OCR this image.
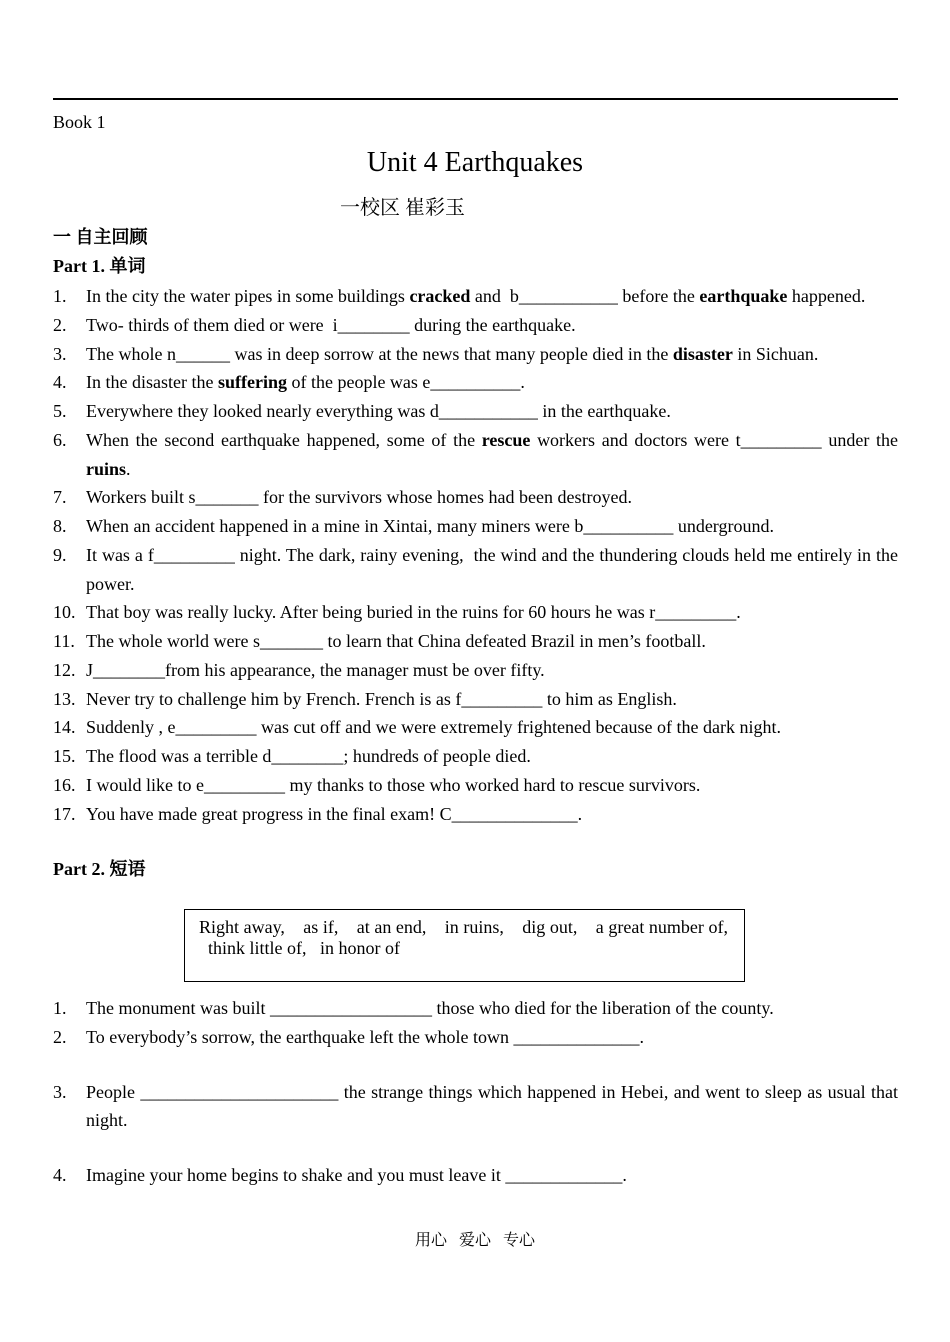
Book 1
Unit 4 Earthquakes
一校区 崔彩玉
一 自主回顾
Part 1. 单词
1. In the city the water pipes in some buildings cracked and  b___________ before the earthquake happened.
2. Two- thirds of them died or were  i________ during the earthquake.
3. The whole n______ was in deep sorrow at the news that many people died in the disaster in Sichuan.
4. In the disaster the suffering of the people was e__________.
5. Everywhere they looked nearly everything was d___________ in the earthquake.
6. When the second earthquake happened, some of the rescue workers and doctors were t_________ under the ruins.
7. Workers built s_______ for the survivors whose homes had been destroyed.
8. When an accident happened in a mine in Xintai, many miners were b__________ underground.
9. It was a f_________ night. The dark, rainy evening,  the wind and the thundering clouds held me entirely in the power.
10. That boy was really lucky. After being buried in the ruins for 60 hours he was r_________.
11. The whole world were s_______ to learn that China defeated Brazil in men’s football.
12. J________from his appearance, the manager must be over fifty.
13. Never try to challenge him by French. French is as f_________ to him as English.
14. Suddenly , e_________ was cut off and we were extremely frightened because of the dark night.
15. The flood was a terrible d________; hundreds of people died.
16. I would like to e_________ my thanks to those who worked hard to rescue survivors.
17. You have made great progress in the final exam! C______________.
Part 2. 短语
Right away,    as if,    at an end,    in ruins,    dig out,    a great number of,   think little of,   in honor of
1. The monument was built __________________ those who died for the liberation of the county.
2. To everybody’s sorrow, the earthquake left the whole town ______________.
3. People ______________________ the strange things which happened in Hebei, and went to sleep as usual that night.
4. Imagine your home begins to shake and you must leave it _____________.
用心   爱心   专心
